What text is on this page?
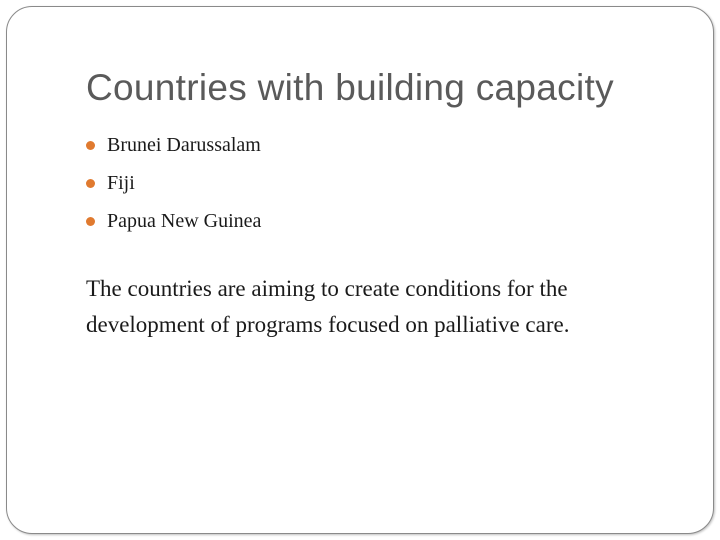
Countries with building capacity
Brunei Darussalam
Fiji
Papua New Guinea

The countries are aiming to create conditions for the
development of programs focused on palliative care.
